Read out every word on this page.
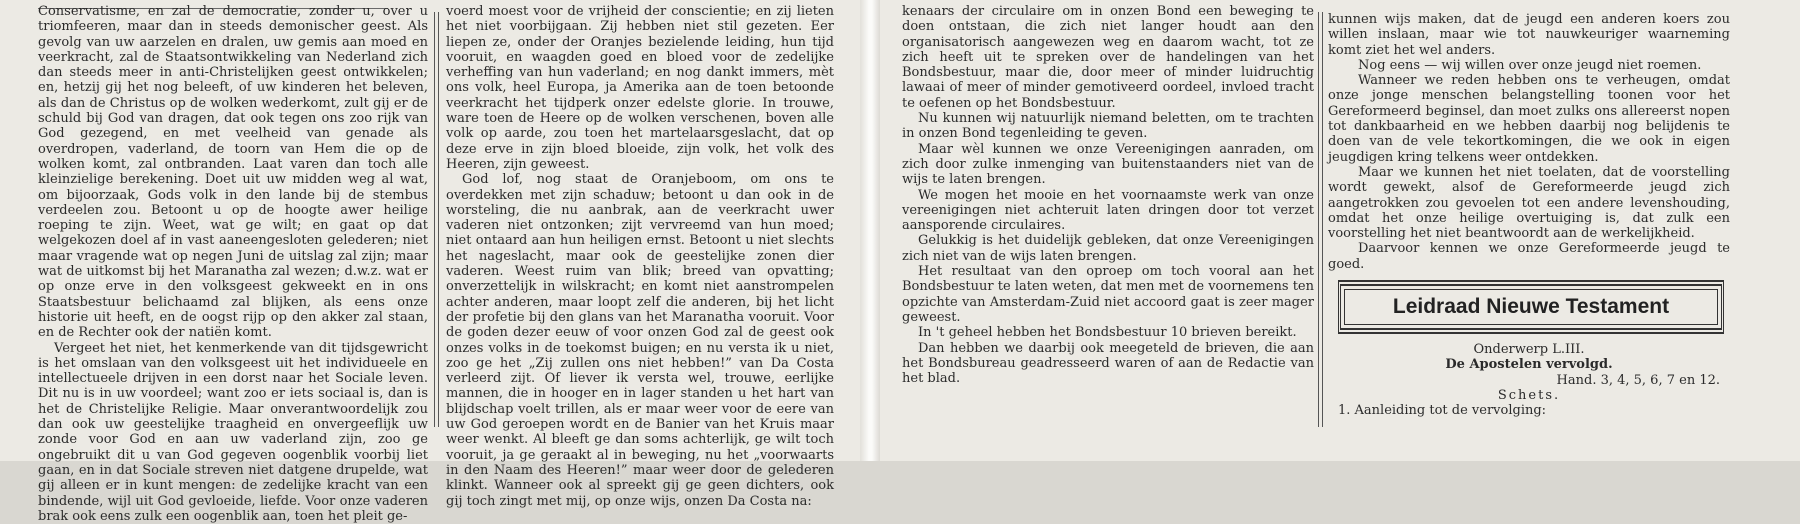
Conservatisme, en zal de democratie, zonder u, over u triomfeeren, maar dan in steeds demonischer geest. Als gevolg van uw aarzelen en dralen, uw gemis aan moed en veerkracht, zal de Staatsontwikkeling van Nederland zich dan steeds meer in anti-Christelijken geest ontwikkelen; en, hetzij gij het nog beleeft, of uw kinderen het beleven, als dan de Christus op de wolken wederkomt, zult gij er de schuld bij God van dragen, dat ook tegen ons zoo rijk van God gezegend, en met veelheid van genade als overdropen, vaderland, de toorn van Hem die op de wolken komt, zal ontbranden. Laat varen dan toch alle kleinzielige berekening. Doet uit uw midden weg al wat, om bijoorzaak, Gods volk in den lande bij de stembus verdeelen zou. Betoont u op de hoogte awer heilige roeping te zijn. Weet, wat ge wilt; en gaat op dat welgekozen doel af in vast aaneengesloten gelederen; niet maar vragende wat op negen Juni de uitslag zal zijn; maar wat de uitkomst bij het Maranatha zal wezen; d.w.z. wat er op onze erve in den volksgeest gekweekt en in ons Staatsbestuur belichaamd zal blijken, als eens onze historie uit heeft, en de oogst rijp op den akker zal staan, en de Rechter ook der natiën komt.

Vergeet het niet, het kenmerkende van dit tijdsgewricht is het omslaan van den volksgeest uit het individueele en intellectueele drijven in een dorst naar het Sociale leven. Dit nu is in uw voordeel; want zoo er iets sociaal is, dan is het de Christelijke Religie. Maar onverantwoordelijk zou dan ook uw geestelijke traagheid en onvergeeflijk uw zonde voor God en aan uw vaderland zijn, zoo ge ongebruikt dit u van God gegeven oogenblik voorbij liet gaan, en in dat Sociale streven niet datgene drupelde, wat gij alleen er in kunt mengen: de zedelijke kracht van een bindende, wijl uit God gevloeide, liefde. Voor onze vaderen brak ook eens zulk een oogenblik aan, toen het pleit ge-

voerd moest voor de vrijheid der conscientie; en zij lieten het niet voorbijgaan. Zij hebben niet stil gezeten. Eer liepen ze, onder der Oranjes bezielende leiding, hun tijd vooruit, en waagden goed en bloed voor de zedelijke verheffing van hun vaderland; en nog dankt immers, mèt ons volk, heel Europa, ja Amerika aan de toen betoonde veerkracht het tijdperk onzer edelste glorie. In trouwe, ware toen de Heere op de wolken verschenen, boven alle volk op aarde, zou toen het martelaarsgeslacht, dat op deze erve in zijn bloed bloeide, zijn volk, het volk des Heeren, zijn geweest.

God lof, nog staat de Oranjeboom, om ons te overdekken met zijn schaduw; betoont u dan ook in de worsteling, die nu aanbrak, aan de veerkracht uwer vaderen niet ontzonken; zijt vervreemd van hun moed; niet ontaard aan hun heiligen ernst. Betoont u niet slechts het nageslacht, maar ook de geestelijke zonen dier vaderen. Weest ruim van blik; breed van opvatting; onverzettelijk in wilskracht; en komt niet aanstrompelen achter anderen, maar loopt zelf die anderen, bij het licht der profetie bij den glans van het Maranatha vooruit. Voor de goden dezer eeuw of voor onzen God zal de geest ook onzes volks in de toekomst buigen; en nu versta ik u niet, zoo ge het „Zij zullen ons niet hebben!” van Da Costa verleerd zijt. Of liever ik versta wel, trouwe, eerlijke mannen, die in hooger en in lager standen u het hart van blijdschap voelt trillen, als er maar weer voor de eere van uw God geroepen wordt en de Banier van het Kruis maar weer wenkt. Al bleeft ge dan soms achterlijk, ge wilt toch vooruit, ja ge geraakt al in beweging, nu het „voorwaarts in den Naam des Heeren!” maar weer door de gelederen klinkt. Wanneer ook al spreekt gij ge geen dichters, ook gij toch zingt met mij, op onze wijs, onzen Da Costa na:

kenaars der circulaire om in onzen Bond een beweging te doen ontstaan, die zich niet langer houdt aan den organisatorisch aangewezen weg en daarom wacht, tot ze zich heeft uit te spreken over de handelingen van het Bondsbestuur, maar die, door meer of minder luidruchtig lawaai of meer of minder gemotiveerd oordeel, invloed tracht te oefenen op het Bondsbestuur.

Nu kunnen wij natuurlijk niemand beletten, om te trachten in onzen Bond tegenleiding te geven.

Maar wèl kunnen we onze Vereenigingen aanraden, om zich door zulke inmenging van buitenstaanders niet van de wijs te laten brengen.

We mogen het mooie en het voornaamste werk van onze vereenigingen niet achteruit laten dringen door tot verzet aansporende circulaires.

Gelukkig is het duidelijk gebleken, dat onze Vereenigingen zich niet van de wijs laten brengen.

Het resultaat van den oproep om toch vooral aan het Bondsbestuur te laten weten, dat men met de voornemens ten opzichte van Amsterdam-Zuid niet accoord gaat is zeer mager geweest.

In 't geheel hebben het Bondsbestuur 10 brieven bereikt.

Dan hebben we daarbij ook meegeteld de brieven, die aan het Bondsbureau geadresseerd waren of aan de Redactie van het blad.

kunnen wijs maken, dat de jeugd een anderen koers zou willen inslaan, maar wie tot nauwkeuriger waarneming komt ziet het wel anders.

Nog eens — wij willen over onze jeugd niet roemen.

Wanneer we reden hebben ons te verheugen, omdat onze jonge menschen belangstelling toonen voor het Gereformeerd beginsel, dan moet zulks ons allereerst nopen tot dankbaarheid en we hebben daarbij nog belijdenis te doen van de vele tekortkomingen, die we ook in eigen jeugdigen kring telkens weer ontdekken.

Maar we kunnen het niet toelaten, dat de voorstelling wordt gewekt, alsof de Gereformeerde jeugd zich aangetrokken zou gevoelen tot een andere levenshouding, omdat het onze heilige overtuiging is, dat zulk een voorstelling het niet beantwoordt aan de werkelijkheid.

Daarvoor kennen we onze Gereformeerde jeugd te goed.

Leidraad Nieuwe Testament

Onderwerp L.III.

De Apostelen vervolgd.

Hand. 3, 4, 5, 6, 7 en 12.

Schets.

1. Aanleiding tot de vervolging:
